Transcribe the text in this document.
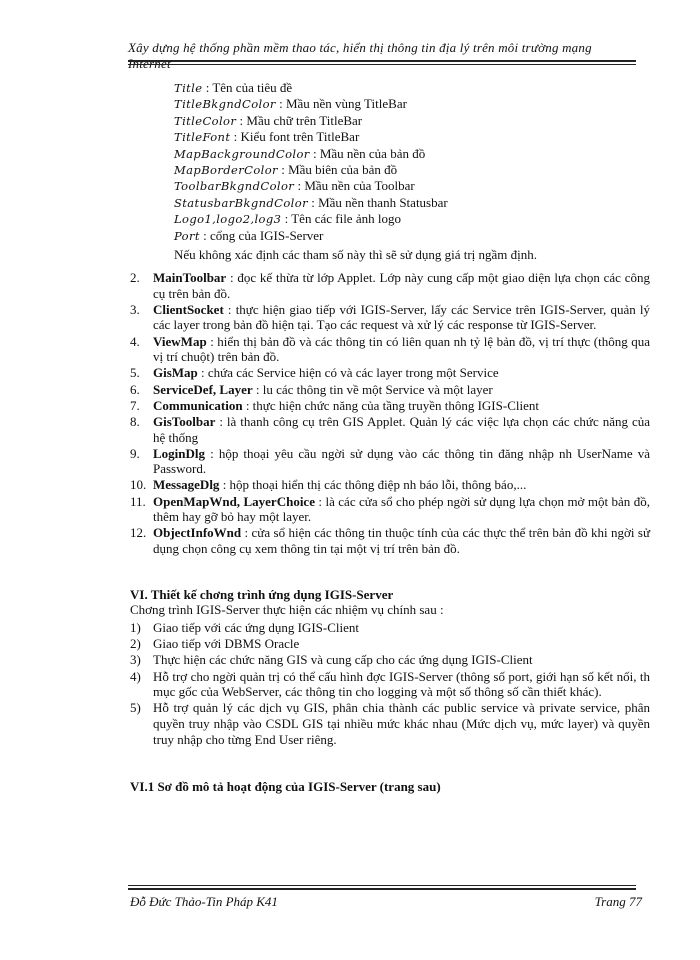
Xây dựng hệ thống phần mềm thao tác, hiển thị thông tin địa lý trên môi trường mạng Internet
Title : Tên của tiêu đề
TitleBkgndColor : Mầu nền vùng TitleBar
TitleColor : Mầu chữ trên TitleBar
TitleFont : Kiểu font trên TitleBar
MapBackgroundColor : Mầu nền của bản đồ
MapBorderColor : Mầu biên của bản đồ
ToolbarBkgndColor : Mầu nền của Toolbar
StatusbarBkgndColor : Mầu nền thanh Statusbar
Logo1,logo2,log3 : Tên các file ảnh logo
Port : cổng của IGIS-Server
Nếu không xác định các tham số này thì sẽ sử dụng giá trị ngầm định.
2.	MainToolbar : đọc kế thừa từ lớp Applet. Lớp này cung cấp một giao diện lựa chọn các công cụ trên bản đồ.
3.	ClientSocket : thực hiện giao tiếp với IGIS-Server, lấy các Service trên IGIS-Server, quản lý các layer trong bản đồ hiện tại. Tạo các request và xử lý các response từ IGIS-Server.
4.	ViewMap : hiển thị bản đồ và các thông tin có liên quan nh tỷ lệ bản đồ, vị trí thực (thông qua vị trí chuột) trên bản đồ.
5.	GisMap : chứa các Service hiện có và các layer trong một Service
6.	ServiceDef, Layer : lu các thông tin về một Service và một layer
7.	Communication : thực hiện chức năng của tầng truyền thông IGIS-Client
8.	GisToolbar : là thanh công cụ trên GIS Applet. Quản lý các việc lựa chọn các chức năng của hệ thống
9.	LoginDlg : hộp thoại yêu cầu ngời sử dụng vào các thông tin đăng nhập nh UserName và Password.
10. MessageDlg : hộp thoại hiển thị các thông điệp nh báo lỗi, thông báo,...
11. OpenMapWnd, LayerChoice : là các cửa sổ cho phép ngời sử dụng lựa chọn mở một bản đồ, thêm hay gỡ bỏ hay một layer.
12. ObjectInfoWnd : cửa sổ hiện các thông tin thuộc tính của các thực thể trên bản đồ khi ngời sử dụng chọn công cụ xem thông tin tại một vị trí trên bản đồ.
VI. Thiết kế chơng trình ứng dụng IGIS-Server
Chơng trình IGIS-Server thực hiện các nhiệm vụ chính sau :
1) Giao tiếp với các ứng dụng IGIS-Client
2) Giao tiếp với DBMS Oracle
3) Thực hiện các chức năng GIS và cung cấp cho các ứng dụng IGIS-Client
4) Hỗ trợ cho ngời quản trị có thể cấu hình đợc IGIS-Server (thông số port, giới hạn số kết nối, th mục gốc của WebServer, các thông tin cho logging và một số thông số cần thiết khác).
5) Hỗ trợ quản lý các dịch vụ GIS, phân chia thành các public service và private service, phân quyền truy nhập vào CSDL GIS tại nhiều mức khác nhau (Mức dịch vụ, mức layer) và quyền truy nhập cho từng End User riêng.
VI.1 Sơ đồ mô tả hoạt động của IGIS-Server (trang sau)
Đỗ Đức Thảo-Tin Pháp K41	Trang 77
